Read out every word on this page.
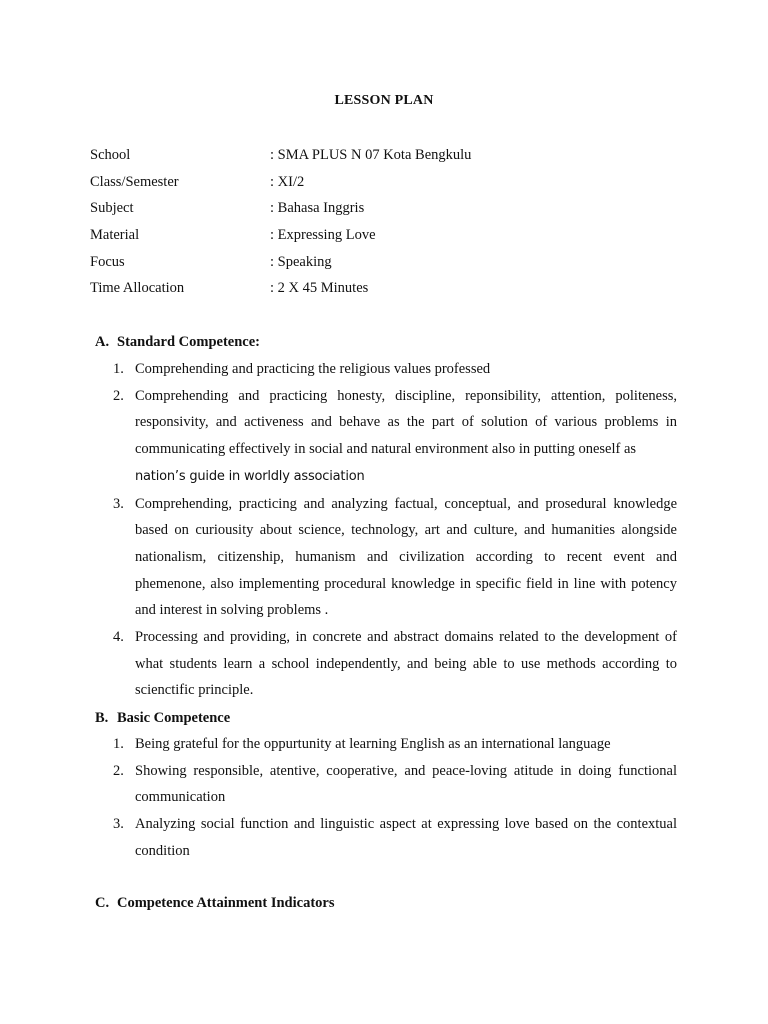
LESSON PLAN
School	: SMA PLUS N 07 Kota Bengkulu
Class/Semester	: XI/2
Subject	: Bahasa Inggris
Material	: Expressing Love
Focus	: Speaking
Time Allocation	: 2 X 45 Minutes
A. Standard Competence:
1. Comprehending and practicing the religious values professed
2. Comprehending and practicing honesty, discipline, reponsibility, attention, politeness, responsivity, and activeness and behave as the part of solution of various problems in communicating effectively in social and natural environment also in putting oneself as
nation’s guide in worldly association
3. Comprehending, practicing and analyzing factual, conceptual, and prosedural knowledge based on curiousity about science, technology, art and culture, and humanities alongside nationalism, citizenship, humanism and civilization according to recent event and phemenone, also implementing procedural knowledge in specific field in line with potency and interest in solving problems .
4. Processing and providing, in concrete and abstract domains related to the development of what students learn a school independently, and being able to use methods according to scienctific principle.
B. Basic Competence
1. Being grateful for the oppurtunity at learning English as an international language
2. Showing responsible, atentive, cooperative, and peace-loving atitude in doing functional communication
3. Analyzing social function and linguistic aspect at expressing love based on the contextual condition
C. Competence Attainment Indicators
